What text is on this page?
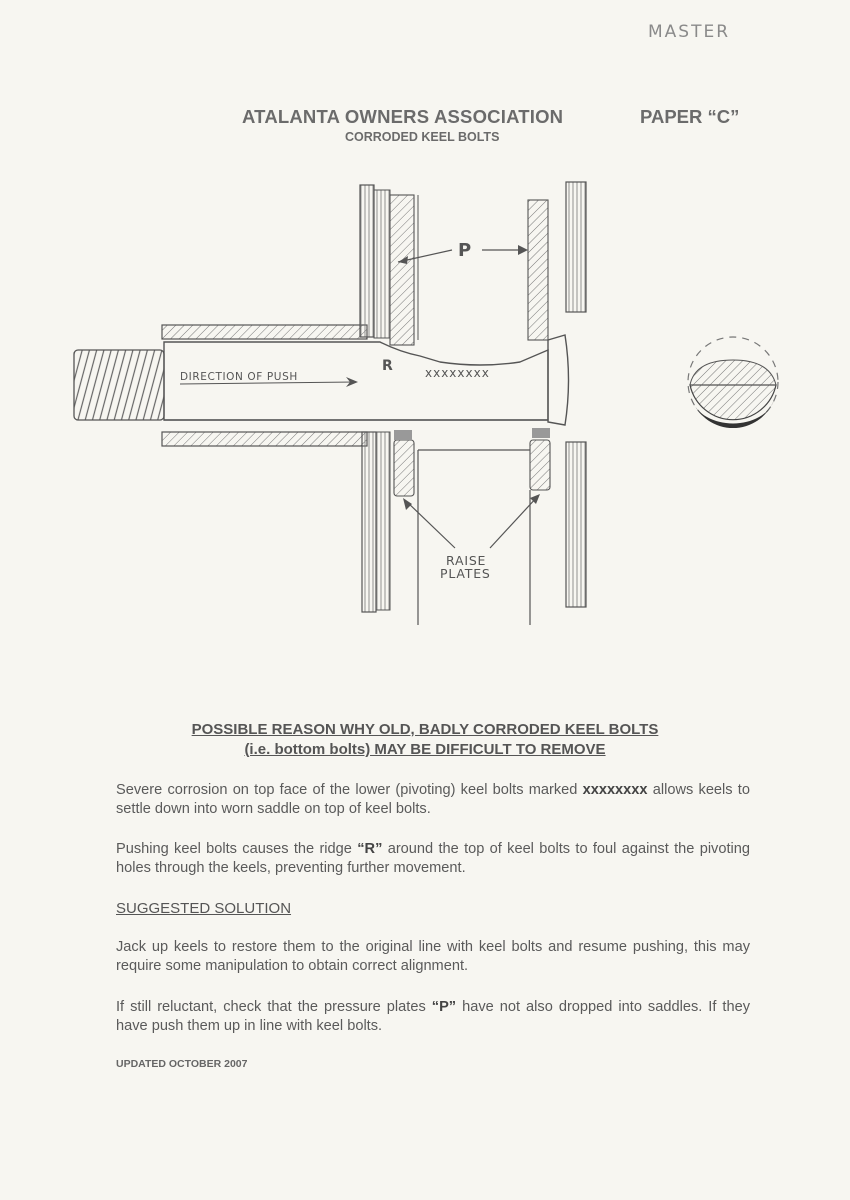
MASTER
ATALANTA OWNERS ASSOCIATION	PAPER “C”
CORRODED KEEL BOLTS
P
R	xxxxxxxx
DIRECTION OF PUSH
RAISE
PLATES
POSSIBLE REASON WHY OLD, BADLY CORRODED KEEL BOLTS
(i.e. bottom bolts) MAY BE DIFFICULT TO REMOVE
Severe corrosion on top face of the lower (pivoting) keel bolts marked xxxxxxxx allows keels to settle down into worn saddle on top of keel bolts.
Pushing keel bolts causes the ridge “R” around the top of keel bolts to foul against the pivoting holes through the keels, preventing further movement.
SUGGESTED SOLUTION
Jack up keels to restore them to the original line with keel bolts and resume pushing, this may require some manipulation to obtain correct alignment.
If still reluctant, check that the pressure plates “P” have not also dropped into saddles. If they have push them up in line with keel bolts.
UPDATED OCTOBER 2007
